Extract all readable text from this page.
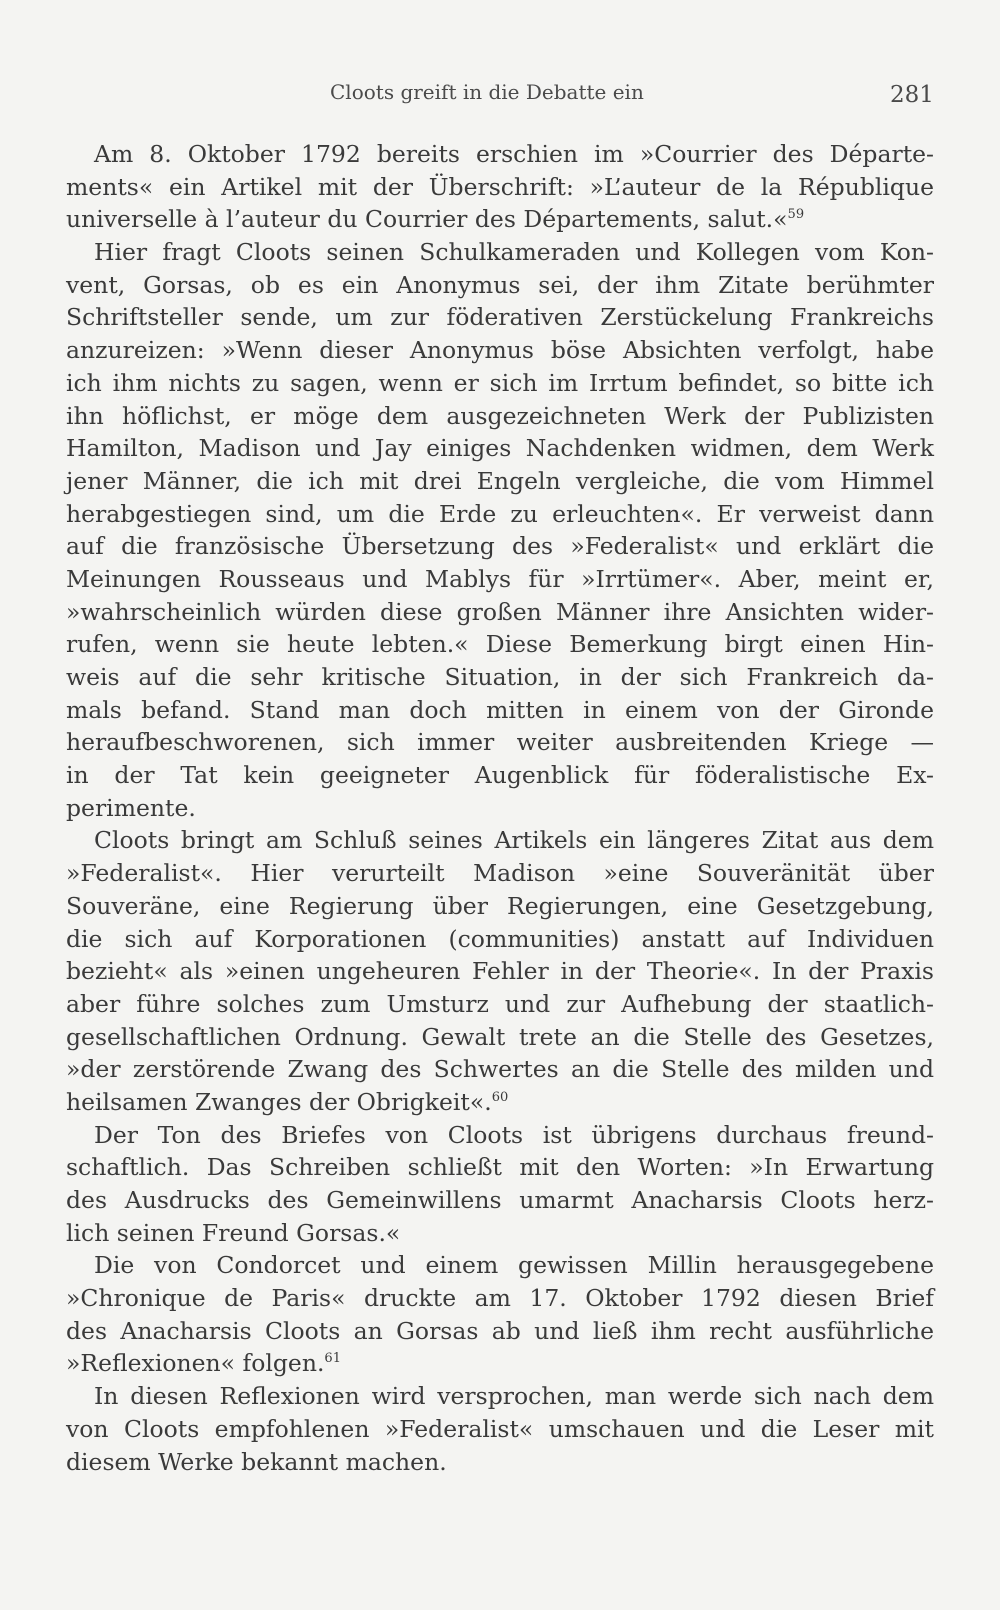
Cloots greift in die Debatte ein	281
Am 8. Oktober 1792 bereits erschien im »Courrier des Départe-
ments« ein Artikel mit der Überschrift: »L’auteur de la République
universelle à l’auteur du Courrier des Départements, salut.«$^{59}$
Hier fragt Cloots seinen Schulkameraden und Kollegen vom Kon-
vent, Gorsas, ob es ein Anonymus sei, der ihm Zitate berühmter
Schriftsteller sende, um zur föderativen Zerstückelung Frankreichs
anzureizen: »Wenn dieser Anonymus böse Absichten verfolgt, habe
ich ihm nichts zu sagen, wenn er sich im Irrtum befindet, so bitte ich
ihn höflichst, er möge dem ausgezeichneten Werk der Publizisten
Hamilton, Madison und Jay einiges Nachdenken widmen, dem Werk
jener Männer, die ich mit drei Engeln vergleiche, die vom Himmel
herabgestiegen sind, um die Erde zu erleuchten«. Er verweist dann
auf die französische Übersetzung des »Federalist« und erklärt die
Meinungen Rousseaus und Mablys für »Irrtümer«. Aber, meint er,
»wahrscheinlich würden diese großen Männer ihre Ansichten wider-
rufen, wenn sie heute lebten.« Diese Bemerkung birgt einen Hin-
weis auf die sehr kritische Situation, in der sich Frankreich da-
mals befand. Stand man doch mitten in einem von der Gironde
heraufbeschworenen, sich immer weiter ausbreitenden Kriege —
in der Tat kein geeigneter Augenblick für föderalistische Ex-
perimente.
Cloots bringt am Schluß seines Artikels ein längeres Zitat aus dem
»Federalist«. Hier verurteilt Madison »eine Souveränität über
Souveräne, eine Regierung über Regierungen, eine Gesetzgebung,
die sich auf Korporationen (communities) anstatt auf Individuen
bezieht« als »einen ungeheuren Fehler in der Theorie«. In der Praxis
aber führe solches zum Umsturz und zur Aufhebung der staatlich-
gesellschaftlichen Ordnung. Gewalt trete an die Stelle des Gesetzes,
»der zerstörende Zwang des Schwertes an die Stelle des milden und
heilsamen Zwanges der Obrigkeit«.$^{60}$
Der Ton des Briefes von Cloots ist übrigens durchaus freund-
schaftlich. Das Schreiben schließt mit den Worten: »In Erwartung
des Ausdrucks des Gemeinwillens umarmt Anacharsis Cloots herz-
lich seinen Freund Gorsas.«
Die von Condorcet und einem gewissen Millin herausgegebene
»Chronique de Paris« druckte am 17. Oktober 1792 diesen Brief
des Anacharsis Cloots an Gorsas ab und ließ ihm recht ausführliche
»Reflexionen« folgen.$^{61}$
In diesen Reflexionen wird versprochen, man werde sich nach dem
von Cloots empfohlenen »Federalist« umschauen und die Leser mit
diesem Werke bekannt machen.
